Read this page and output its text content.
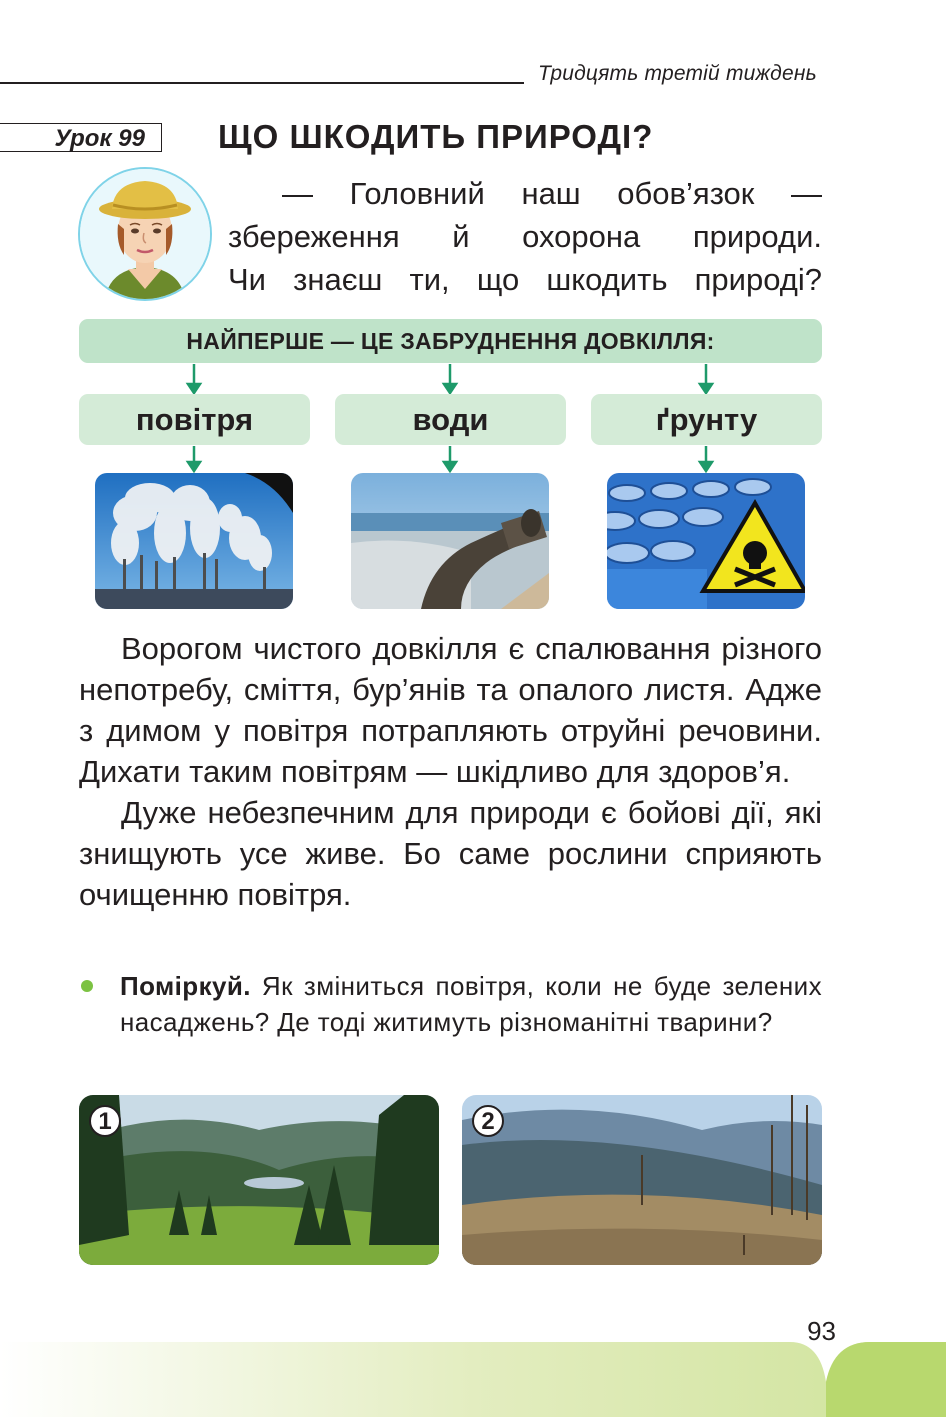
Тридцять третій тиждень
Урок 99	ЩО ШКОДИТЬ ПРИРОДІ?

— Головний наш обов’язок —

збереження й охорона природи.

Чи знаєш ти, що шкодить природі?

НАЙПЕРШЕ — ЦЕ ЗАБРУДНЕННЯ ДОВКІЛЛЯ:
повітря	води	ґрунту

Ворогом чистого довкілля є спалювання різного непотребу, сміття, бур’янів та опалого листя. Адже з димом у повітря потрапляють отруйні речовини. Дихати таким повітрям — шкідливо для здоров’я.

Дуже небезпечним для природи є бойові дії, які знищують усе живе. Бо саме рослини сприяють очищенню повітря.

Поміркуй. Як зміниться повітря, коли не буде зелених насаджень? Де тоді житимуть різноманітні тварини?
1	2
93
